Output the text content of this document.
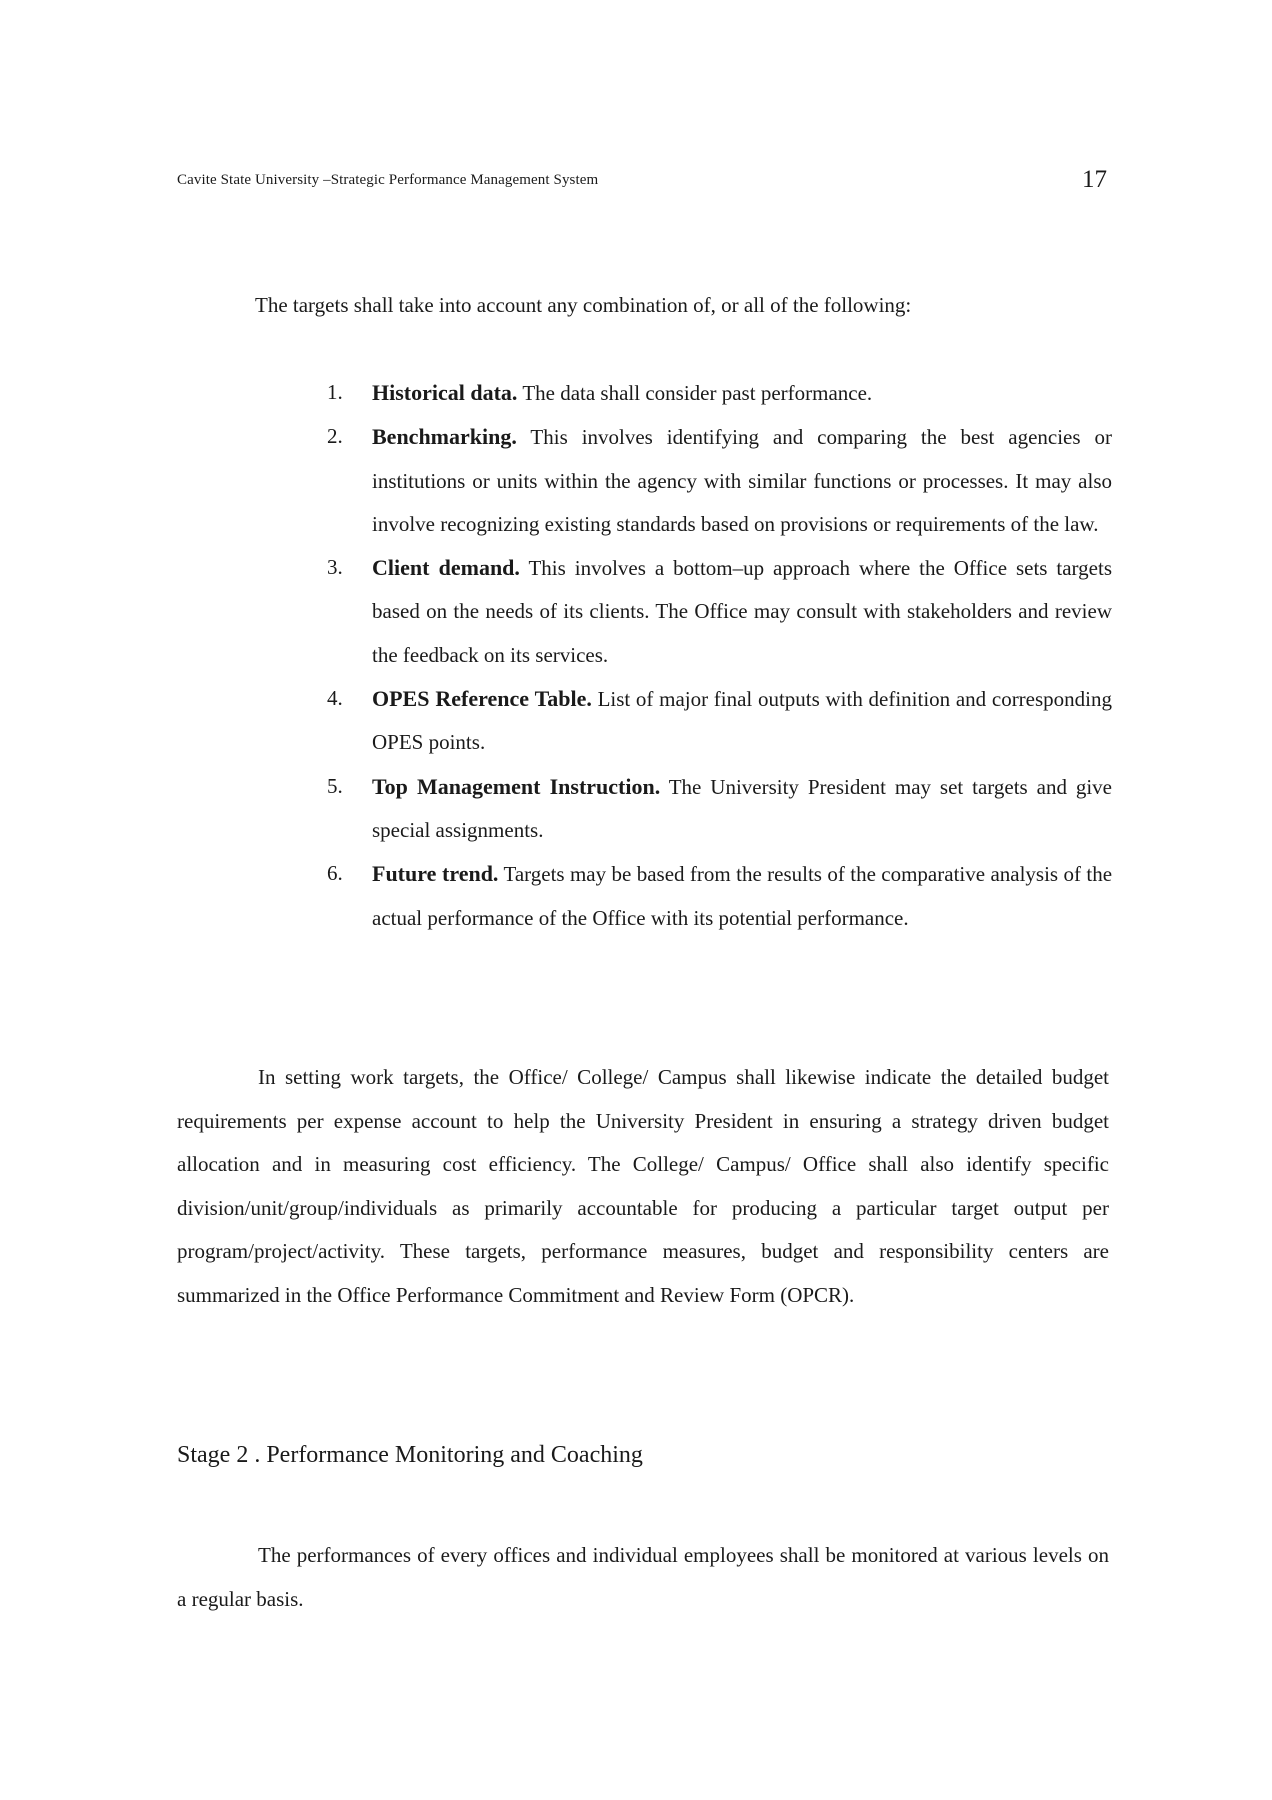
Cavite State University –Strategic Performance Management System	17

The targets shall take into account any combination of, or all of the following:

1. Historical data. The data shall consider past performance.
2. Benchmarking. This involves identifying and comparing the best agencies or institutions or units within the agency with similar functions or processes. It may also involve recognizing existing standards based on provisions or requirements of the law.
3. Client demand. This involves a bottom–up approach where the Office sets targets based on the needs of its clients. The Office may consult with stakeholders and review the feedback on its services.
4. OPES Reference Table. List of major final outputs with definition and corresponding OPES points.
5. Top Management Instruction. The University President may set targets and give special assignments.
6. Future trend. Targets may be based from the results of the comparative analysis of the actual performance of the Office with its potential performance.

In setting work targets, the Office/ College/ Campus shall likewise indicate the detailed budget requirements per expense account to help the University President in ensuring a strategy driven budget allocation and in measuring cost efficiency. The College/ Campus/ Office shall also identify specific division/unit/group/individuals as primarily accountable for producing a particular target output per program/project/activity. These targets, performance measures, budget and responsibility centers are summarized in the Office Performance Commitment and Review Form (OPCR).

Stage 2 . Performance Monitoring and Coaching

The performances of every offices and individual employees shall be monitored at various levels on a regular basis.
